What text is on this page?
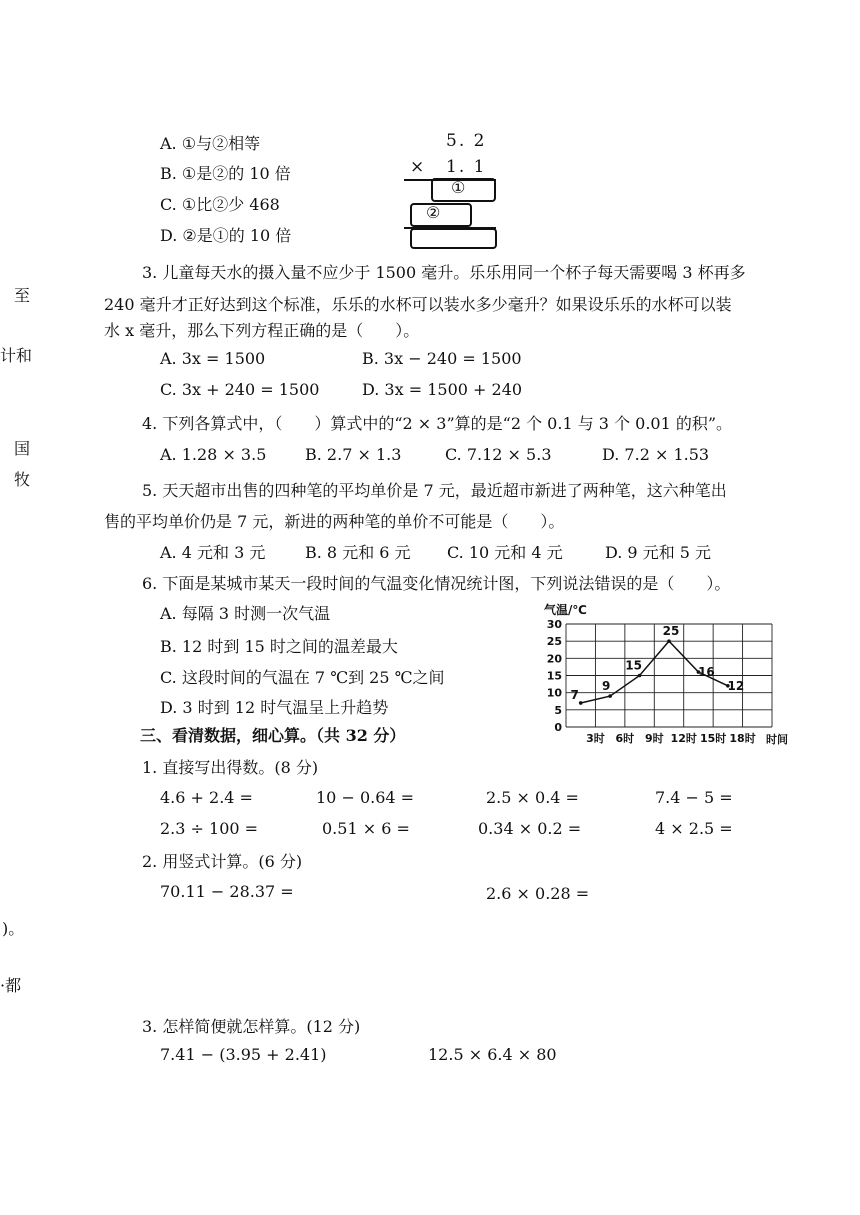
至
计和
国
牧
)。
·都
A. ①与②相等
B. ①是②的 10 倍
C. ①比②少 468
D. ②是①的 10 倍
5. 2
× 1. 1
①
②
3. 儿童每天水的摄入量不应少于 1500 毫升。乐乐用同一个杯子每天需要喝 3 杯再多
240 毫升才正好达到这个标准，乐乐的水杯可以装水多少毫升？如果设乐乐的水杯可以装
水 x 毫升，那么下列方程正确的是（　　）。
A. 3x = 1500	B. 3x − 240 = 1500
C. 3x + 240 = 1500	D. 3x = 1500 + 240
4. 下列各算式中，（　　）算式中的“2 × 3”算的是“2 个 0.1 与 3 个 0.01 的积”。
A. 1.28 × 3.5 B. 2.7 × 1.3	C. 7.12 × 5.3	D. 7.2 × 1.53
5. 天天超市出售的四种笔的平均单价是 7 元，最近超市新进了两种笔，这六种笔出
售的平均单价仍是 7 元，新进的两种笔的单价不可能是（　　）。
A. 4 元和 3 元 B. 8 元和 6 元 C. 10 元和 4 元	D. 9 元和 5 元
6. 下面是某城市某天一段时间的气温变化情况统计图，下列说法错误的是（　　）。
A. 每隔 3 时测一次气温
B. 12 时到 15 时之间的温差最大
C. 这段时间的气温在 7 ℃到 25 ℃之间
D. 3 时到 12 时气温呈上升趋势
气温/℃
时间
0
5
10
15
20
25
30
3时 6时 9时 12时 15时 18时
7
9
15
25
16
12
三、看清数据，细心算。（共 32 分）
1. 直接写出得数。(8 分)
4.6 + 2.4 =	10 − 0.64 =	2.5 × 0.4 =	7.4 − 5 =
2.3 ÷ 100 =	0.51 × 6 =	0.34 × 0.2 =	4 × 2.5 =
2. 用竖式计算。(6 分)
70.11 − 28.37 =	2.6 × 0.28 =
3. 怎样简便就怎样算。(12 分)
7.41 − (3.95 + 2.41)	12.5 × 6.4 × 80
